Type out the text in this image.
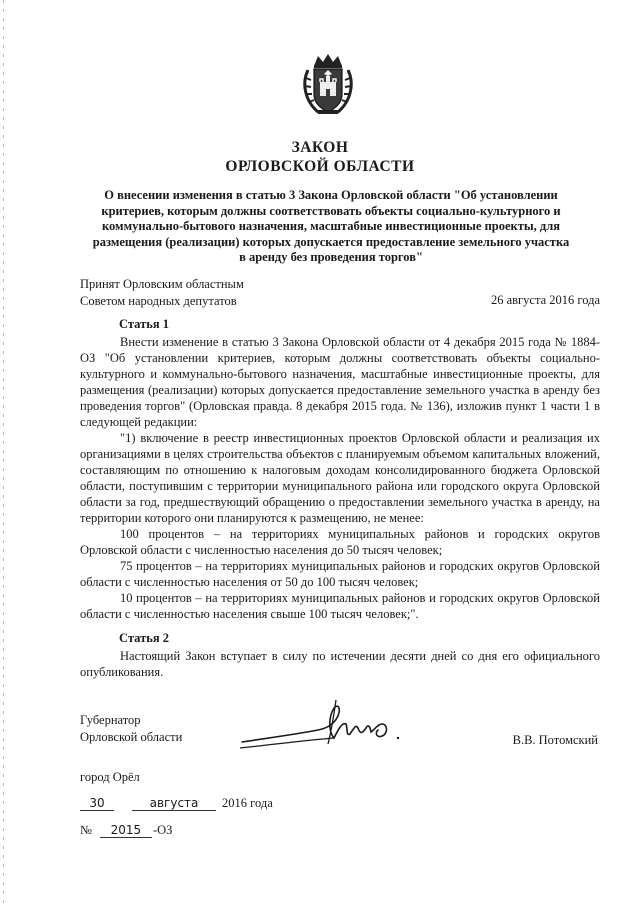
ЗАКОН
ОРЛОВСКОЙ ОБЛАСТИ
О внесении изменения в статью 3 Закона Орловской области "Об установлении критериев, которым должны соответствовать объекты социально-культурного и коммунально-бытового назначения, масштабные инвестиционные проекты, для размещения (реализации) которых допускается предоставление земельного участка в аренду без проведения торгов"
Принят Орловским областным
Советом народных депутатов	26 августа 2016 года
Статья 1

Внести изменение в статью 3 Закона Орловской области от 4 декабря 2015 года № 1884-ОЗ "Об установлении критериев, которым должны соответствовать объекты социально-культурного и коммунально-бытового назначения, масштабные инвестиционные проекты, для размещения (реализации) которых допускается предоставление земельного участка в аренду без проведения торгов" (Орловская правда. 8 декабря 2015 года. № 136), изложив пункт 1 части 1 в следующей редакции:

"1) включение в реестр инвестиционных проектов Орловской области и реализация их организациями в целях строительства объектов с планируемым объемом капитальных вложений, составляющим по отношению к налоговым доходам консолидированного бюджета Орловской области, поступившим с территории муниципального района или городского округа Орловской области за год, предшествующий обращению о предоставлении земельного участка в аренду, на территории которого они планируются к размещению, не менее:

100 процентов – на территориях муниципальных районов и городских округов Орловской области с численностью населения до 50 тысяч человек;

75 процентов – на территориях муниципальных районов и городских округов Орловской области с численностью населения от 50 до 100 тысяч человек;

10 процентов – на территориях муниципальных районов и городских округов Орловской области с численностью населения свыше 100 тысяч человек;".

Статья 2

Настоящий Закон вступает в силу по истечении десяти дней со дня его официального опубликования.

Губернатор
Орловской области	В.В. Потомский
город Орёл
30	августа	2016 года
№	2015 -ОЗ
